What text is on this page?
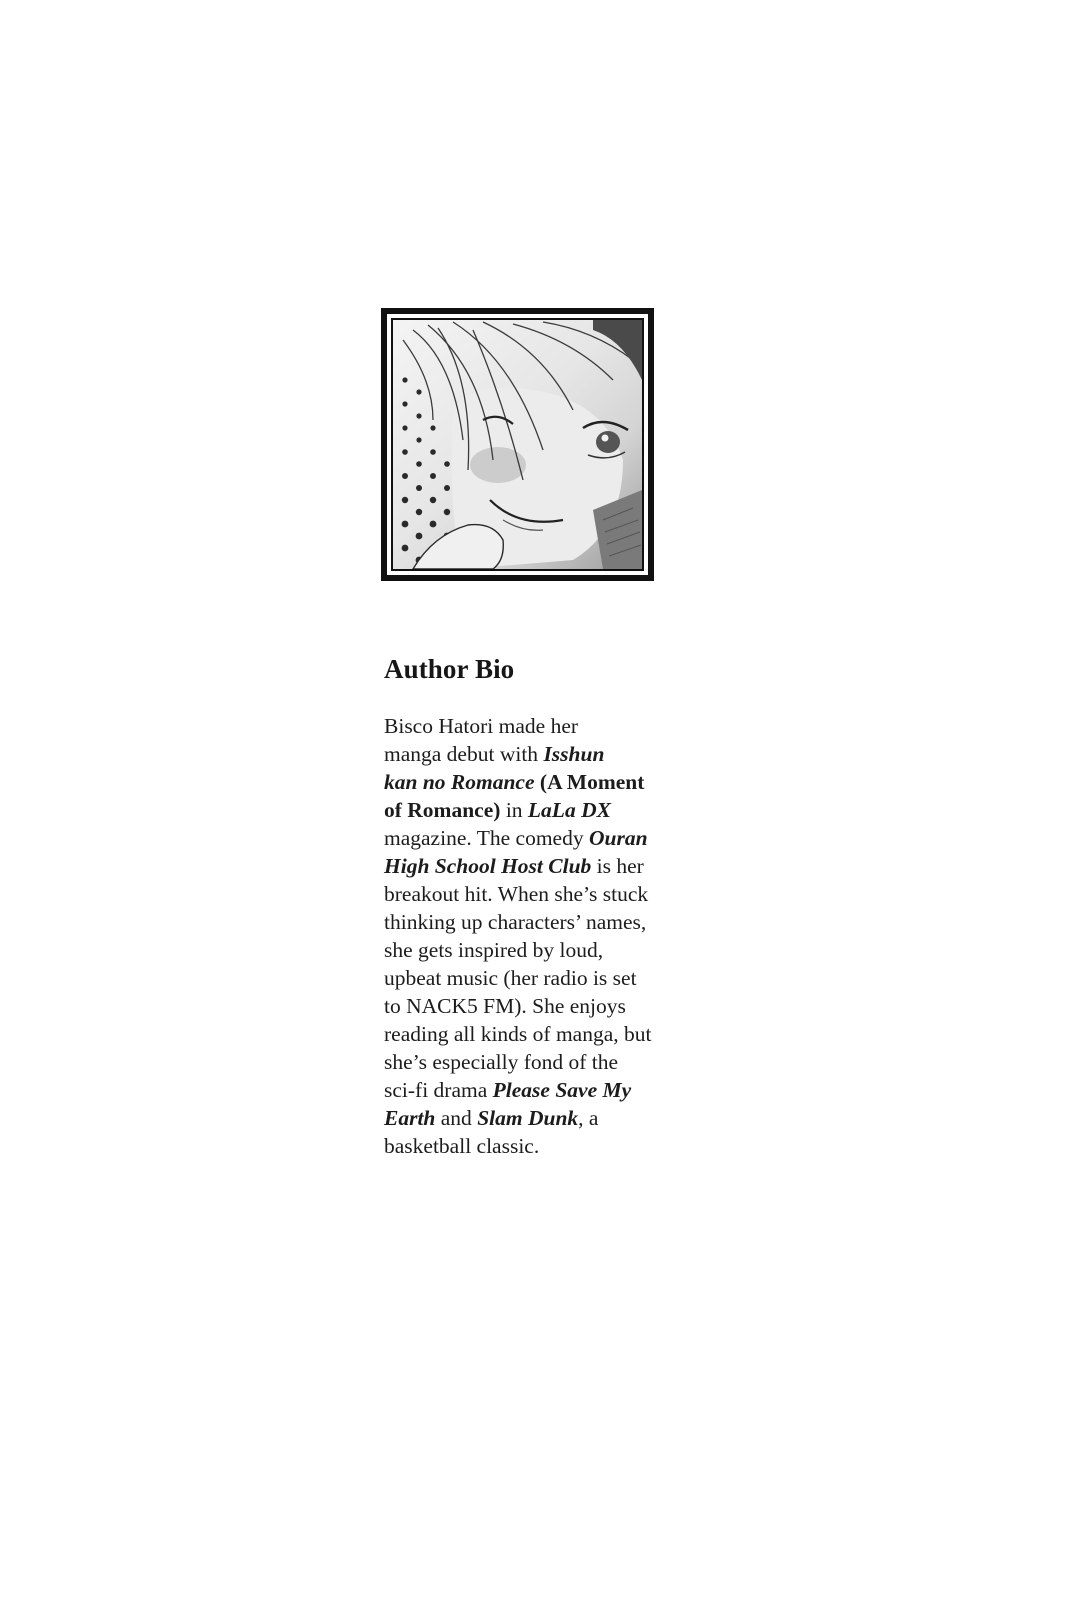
Author Bio
Bisco Hatori made her
manga debut with Isshun
kan no Romance (A Moment
of Romance) in LaLa DX
magazine. The comedy Ouran
High School Host Club is her
breakout hit. When she’s stuck
thinking up characters’ names,
she gets inspired by loud,
upbeat music (her radio is set
to NACK5 FM). She enjoys
reading all kinds of manga, but
she’s especially fond of the
sci-fi drama Please Save My
Earth and Slam Dunk, a
basketball classic.
